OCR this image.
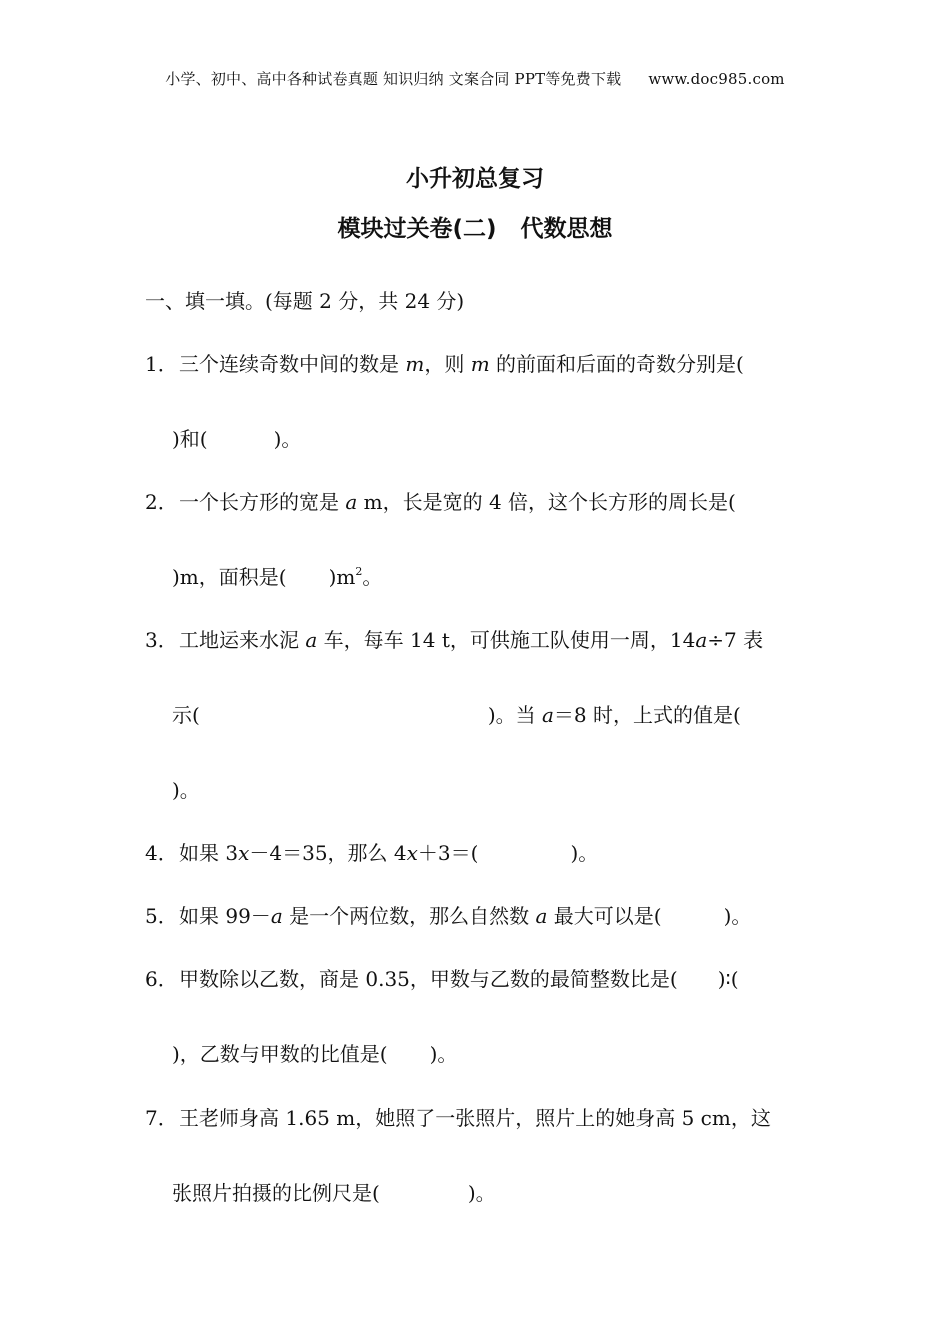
小学、初中、高中各种试卷真题 知识归纳 文案合同 PPT等免费下载 www.doc985.com
小升初总复习
模块过关卷(二) 代数思想
一、填一填。(每题 2 分，共 24 分)
1．三个连续奇数中间的数是 m，则 m 的前面和后面的奇数分别是(
)和(	)。
2．一个长方形的宽是 a m，长是宽的 4 倍，这个长方形的周长是(
)m，面积是( )$m^2$。
3．工地运来水泥 a 车，每车 14 t，可供施工队使用一周，14a÷7 表
示(	)。当 a＝8 时，上式的值是(
)。
4．如果 3x－4＝35，那么 4x＋3＝(	)。
5．如果 99－a 是一个两位数，那么自然数 a 最大可以是(	)。
6．甲数除以乙数，商是 0.35，甲数与乙数的最简整数比是( )∶(
)，乙数与甲数的比值是( )。
7．王老师身高 1.65 m，她照了一张照片，照片上的她身高 5 cm，这
张照片拍摄的比例尺是(	)。
